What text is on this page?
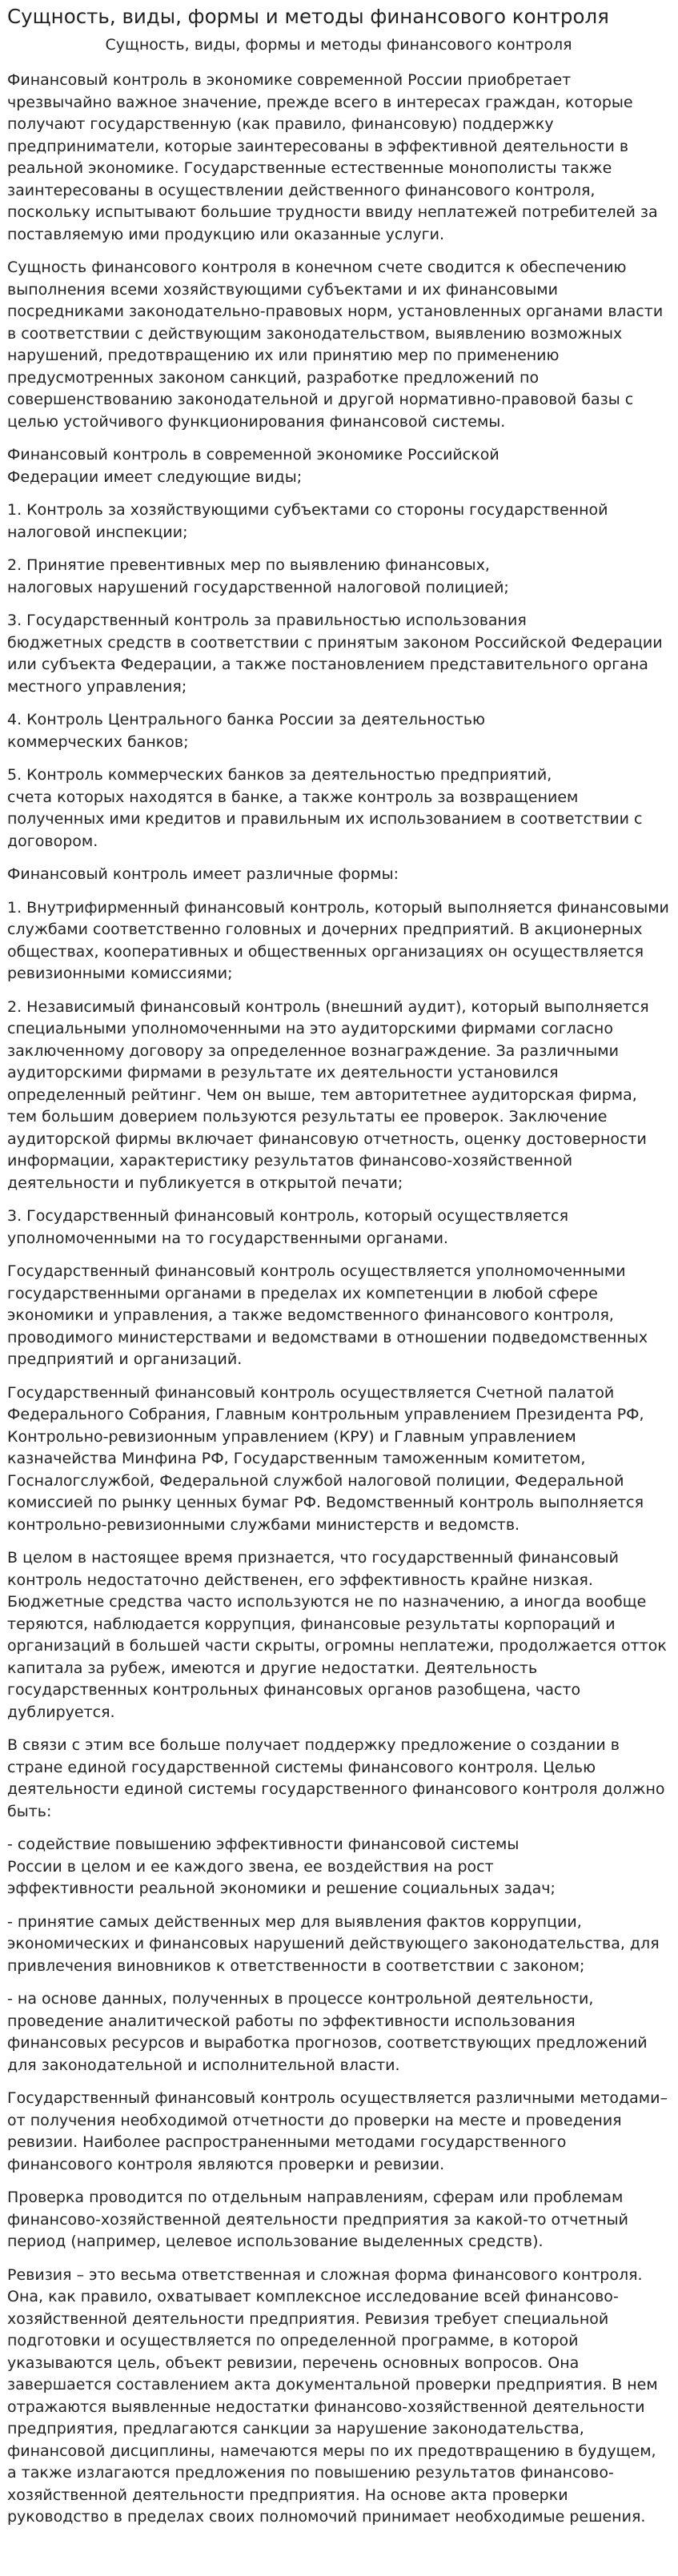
Сущность, виды, формы и методы финансового контроля
Сущность, виды, формы и методы финансового контроля

Финансовый контроль в экономике современной России приобретает чрезвычайно важное значение, прежде всего в интересах граждан, которые получают государственную (как правило, финансовую) поддержку предприниматели, которые заинтересованы в эффективной деятельности в реальной экономике. Государственные естественные монополисты также заинтересованы в осуществлении действенного финансового контроля, поскольку испытывают большие трудности ввиду неплатежей потребителей за поставляемую ими продукцию или оказанные услуги.

Сущность финансового контроля в конечном счете сводится к обеспечению выполнения всеми хозяйствующими субъектами и их финансовыми посредниками законодательно-правовых норм, установленных органами власти в соответствии с действующим законодательством, выявлению возможных нарушений, предотвращению их или принятию мер по применению предусмотренных законом санкций, разработке предложений по совершенствованию законодательной и другой нормативно-правовой базы с целью устойчивого функционирования финансовой системы.

Финансовый контроль в современной экономике Российской
Федерации имеет следующие виды;

1. Контроль за хозяйствующими субъектами со стороны государственной налоговой инспекции;

2. Принятие превентивных мер по выявлению финансовых,
налоговых нарушений государственной налоговой полицией;

3. Государственный контроль за правильностью использования
бюджетных средств в соответствии с принятым законом Российской Федерации или субъекта Федерации, а также постановлением представительного органа местного управления;

4. Контроль Центрального банка России за деятельностью
коммерческих банков;

5. Контроль коммерческих банков за деятельностью предприятий,
счета которых находятся в банке, а также контроль за возвращением полученных ими кредитов и правильным их использованием в соответствии с договором.

Финансовый контроль имеет различные формы:

1. Внутрифирменный финансовый контроль, который выполняется финансовыми службами соответственно головных и дочерних предприятий. В акционерных обществах, кооперативных и общественных организациях он осуществляется ревизионными комиссиями;

2. Независимый финансовый контроль (внешний аудит), который выполняется специальными уполномоченными на это аудиторскими фирмами согласно заключенному договору за определенное вознаграждение. За различными аудиторскими фирмами в результате их деятельности установился определенный рейтинг. Чем он выше, тем авторитетнее аудиторская фирма, тем большим доверием пользуются результаты ее проверок. Заключение аудиторской фирмы включает финансовую отчетность, оценку достоверности информации, характеристику результатов финансово-хозяйственной деятельности и публикуется в открытой печати;

3. Государственный финансовый контроль, который осуществляется уполномоченными на то государственными органами.

Государственный финансовый контроль осуществляется уполномоченными государственными органами в пределах их компетенции в любой сфере экономики и управления, а также ведомственного финансового контроля, проводимого министерствами и ведомствами в отношении подведомственных предприятий и организаций.

Государственный финансовый контроль осуществляется Счетной палатой Федерального Собрания, Главным контрольным управлением Президента РФ, Контрольно-ревизионным управлением (КРУ) и Главным управлением казначейства Минфина РФ, Государственным таможенным комитетом, Госналогслужбой, Федеральной службой налоговой полиции, Федеральной комиссией по рынку ценных бумаг РФ. Ведомственный контроль выполняется контрольно-ревизионными службами министерств и ведомств.

В целом в настоящее время признается, что государственный финансовый контроль недостаточно действенен, его эффективность крайне низкая. Бюджетные средства часто используются не по назначению, а иногда вообще теряются, наблюдается коррупция, финансовые результаты корпораций и организаций в большей части скрыты, огромны неплатежи, продолжается отток капитала за рубеж, имеются и другие недостатки. Деятельность государственных контрольных финансовых органов разобщена, часто дублируется.

В связи с этим все больше получает поддержку предложение о создании в стране единой государственной системы финансового контроля. Целью деятельности единой системы государственного финансового контроля должно быть:

- содействие повышению эффективности финансовой системы
России в целом и ее каждого звена, ее воздействия на рост
эффективности реальной экономики и решение социальных задач;

- принятие самых действенных мер для выявления фактов коррупции, экономических и финансовых нарушений действующего законодательства, для привлечения виновников к ответственности в соответствии с законом;

- на основе данных, полученных в процессе контрольной деятельности, проведение аналитической работы по эффективности использования финансовых ресурсов и выработка прогнозов, соответствующих предложений для законодательной и исполнительной власти.

Государственный финансовый контроль осуществляется различными методами– от получения необходимой отчетности до проверки на месте и проведения ревизии. Наиболее распространенными методами государственного финансового контроля являются проверки и ревизии.

Проверка проводится по отдельным направлениям, сферам или проблемам финансово-хозяйственной деятельности предприятия за какой-то отчетный период (например, целевое использование выделенных средств).

Ревизия – это весьма ответственная и сложная форма финансового контроля. Она, как правило, охватывает комплексное исследование всей финансово-хозяйственной деятельности предприятия. Ревизия требует специальной подготовки и осуществляется по определенной программе, в которой указываются цель, объект ревизии, перечень основных вопросов. Она завершается составлением акта документальной проверки предприятия. В нем отражаются выявленные недостатки финансово-хозяйственной деятельности предприятия, предлагаются санкции за нарушение законодательства, финансовой дисциплины, намечаются меры по их предотвращению в будущем, а также излагаются предложения по повышению результатов финансово-хозяйственной деятельности предприятия. На основе акта проверки руководство в пределах своих полномочий принимает необходимые решения.
